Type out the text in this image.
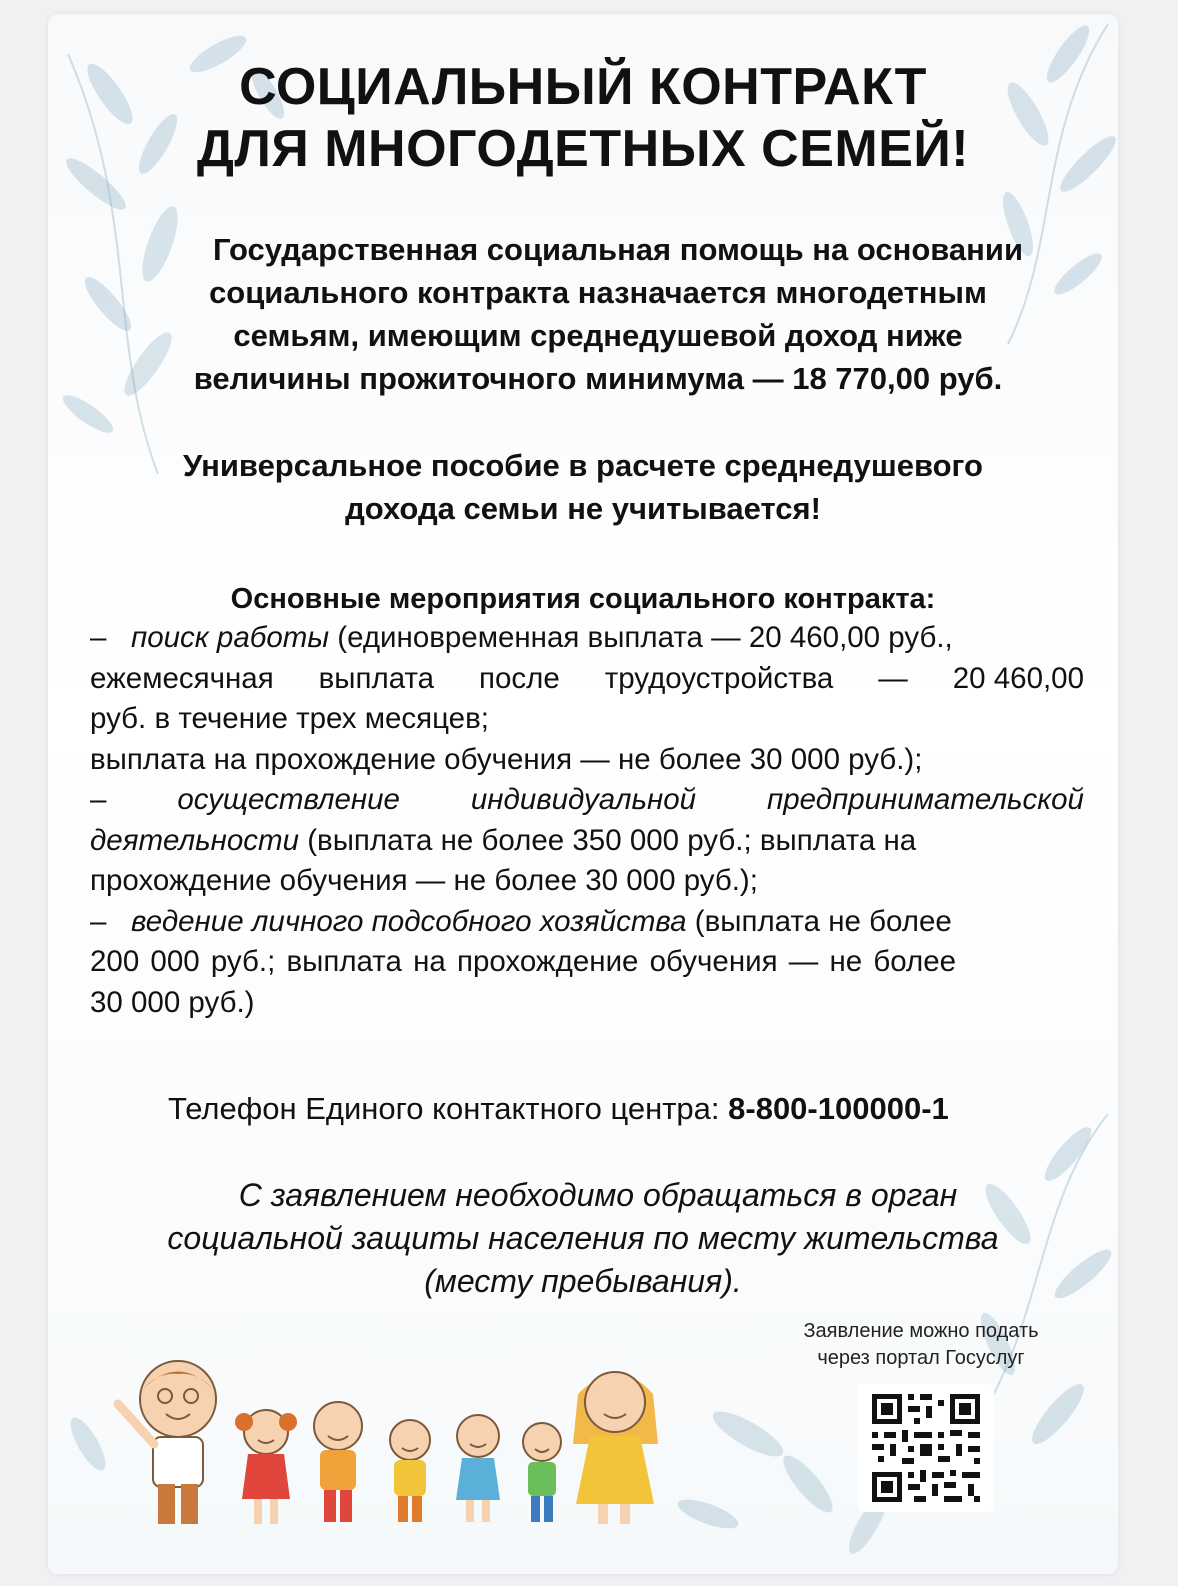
СОЦИАЛЬНЫЙ КОНТРАКТ
ДЛЯ МНОГОДЕТНЫХ СЕМЕЙ!
Государственная социальная помощь на основании
социального контракта назначается многодетным
семьям, имеющим среднедушевой доход ниже
величины прожиточного минимума — 18 770,00 руб.
Универсальное пособие в расчете среднедушевого
дохода семьи не учитывается!
Основные мероприятия социального контракта:
– поиск работы (единовременная выплата — 20 460,00 руб.,
ежемесячная выплата после трудоустройства — 20 460,00
руб. в течение трех месяцев;
выплата на прохождение обучения — не более 30 000 руб.);
– осуществление индивидуальной предпринимательской
деятельности (выплата не более 350 000 руб.; выплата на
прохождение обучения — не более 30 000 руб.);
– ведение личного подсобного хозяйства (выплата не более
200 000 руб.; выплата на прохождение обучения — не более
30 000 руб.)
Телефон Единого контактного центра: 8-800-100000-1
С заявлением необходимо обращаться в орган
социальной защиты населения по месту жительства
(месту пребывания).
Заявление можно подать
через портал Госуслуг
